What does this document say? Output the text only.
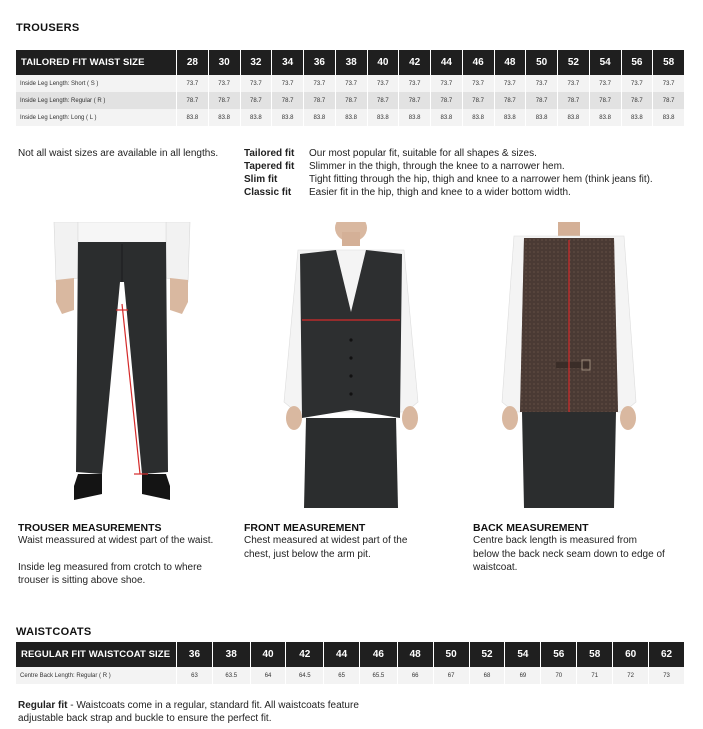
TROUSERS
TAILORED FIT WAIST SIZE	28	30	32	34	36	38	40	42	44	46	48	50	52	54	56	58
Inside Leg Length: Short ( S )	73.7	73.7	73.7	73.7	73.7	73.7	73.7	73.7	73.7	73.7	73.7	73.7	73.7	73.7	73.7	73.7
Inside Leg Length: Regular ( R )	78.7	78.7	78.7	78.7	78.7	78.7	78.7	78.7	78.7	78.7	78.7	78.7	78.7	78.7	78.7	78.7
Inside Leg Length: Long ( L )	83.8	83.8	83.8	83.8	83.8	83.8	83.8	83.8	83.8	83.8	83.8	83.8	83.8	83.8	83.8	83.8
Not all waist sizes are available in all lengths.	Tailored fit Our most popular fit, suitable for all shapes & sizes.
Tapered fit Slimmer in the thigh, through the knee to a narrower hem.
Slim fit	Tight fitting through the hip, thigh and knee to a narrower hem (think jeans fit).
Classic fit Easier fit in the hip, thigh and knee to a wider bottom width.
TROUSER MEASUREMENTS
Waist meassured at widest part of the waist.
Inside leg measured from crotch to where
trouser is sitting above shoe.
FRONT MEASUREMENT
Chest measured at widest part of the
chest, just below the arm pit.
BACK MEASUREMENT
Centre back length is measured from
below the back neck seam down to edge of
waistcoat.
WAISTCOATS
REGULAR FIT WAISTCOAT SIZE	36	38	40	42	44	46	48	50	52	54	56	58	60	62
Centre Back Length: Regular ( R )	63	63.5	64	64.5	65	65.5	66	67	68	69	70	71	72	73
Regular fit - Waistcoats come in a regular, standard fit. All waistcoats feature
adjustable back strap and buckle to ensure the perfect fit.
